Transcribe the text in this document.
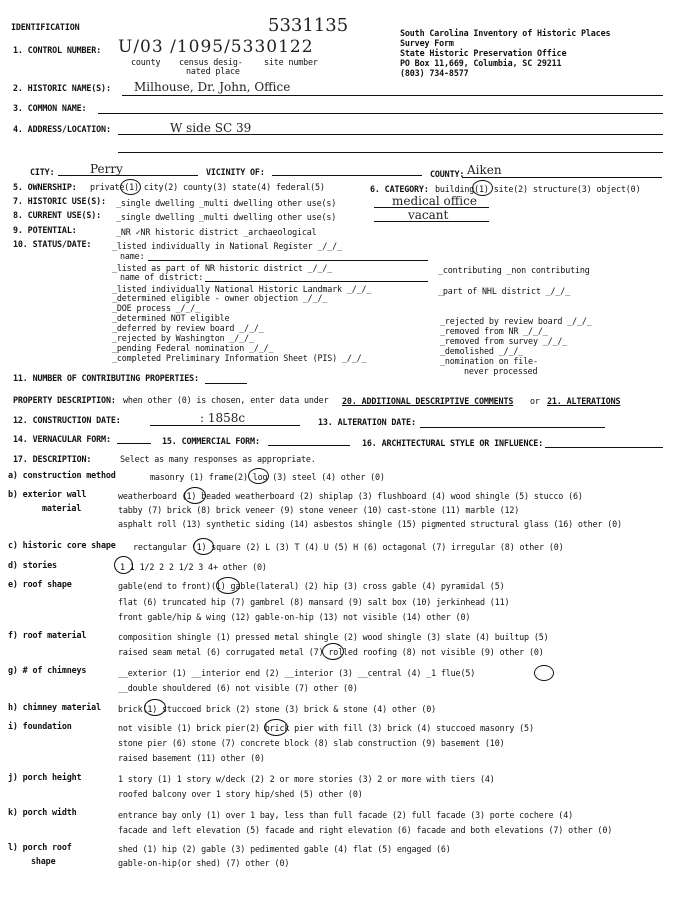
IDENTIFICATION	5331135	South Carolina Inventory of Historic Places
Survey Form
State Historic Preservation Office
PO Box 11,669, Columbia, SC 29211
(803) 734-8577
1. CONTROL NUMBER: U/03 /1095/5330122
county census desig-
nated place
site number
2. HISTORIC NAME(S): Milhouse, Dr. John, Office
3. COMMON NAME:
4. ADDRESS/LOCATION:	W side SC 39
CITY:	Perry	VICINITY OF:	COUNTY: Aiken
5. OWNERSHIP: private(1) city(2) county(3) state(4) federal(5)	6. CATEGORY: building(1) site(2) structure(3) object(0)
7. HISTORIC USE(S): _single dwelling _multi dwelling other use(s)	medical office
8. CURRENT USE(S): _single dwelling _multi dwelling other use(s)	vacant
9. POTENTIAL:	_NR ✓NR historic district _archaeological
10. STATUS/DATE: _listed individually in National Register _/_/_
name:
_listed as part of NR historic district _/_/_
name of district:
_listed individually National Historic Landmark _/_/_
_determined eligible - owner objection _/_/_
_DOE process _/_/_
_determined NOT eligible
_deferred by review board _/_/_
_rejected by Washington _/_/_
_pending Federal nomination _/_/_
_completed Preliminary Information Sheet (PIS) _/_/_
_contributing _non contributing
_part of NHL district _/_/_
_rejected by review board _/_/_
_removed from NR _/_/_
_removed from survey _/_/_
_demolished _/_/_
_nomination on file-
never processed
11. NUMBER OF CONTRIBUTING PROPERTIES:
PROPERTY DESCRIPTION: when other (0) is chosen, enter data under 20. ADDITIONAL DESCRIPTIVE COMMENTS or 21. ALTERATIONS
12. CONSTRUCTION DATE:	: 1858c	13. ALTERATION DATE:
14. VERNACULAR FORM:	15. COMMERCIAL FORM:	16. ARCHITECTURAL STYLE OR INFLUENCE:
17. DESCRIPTION:	Select as many responses as appropriate.
a) construction method	masonry (1) frame(2) log (3) steel (4) other (0)
b) exterior wall
material
weatherboard (1) beaded weatherboard (2) shiplap (3) flushboard (4) wood shingle (5) stucco (6)
tabby (7) brick (8) brick veneer (9) stone veneer (10) cast-stone (11) marble (12)
asphalt roll (13) synthetic siding (14) asbestos shingle (15) pigmented structural glass (16) other (0)
c) historic core shape rectangular (1) square (2) L (3) T (4) U (5) H (6) octagonal (7) irregular (8) other (0)
d) stories	1 1 1/2 2 2 1/2 3 4+ other (0)
e) roof shape	gable(end to front)(1) gable(lateral) (2) hip (3) cross gable (4) pyramidal (5)
flat (6) truncated hip (7) gambrel (8) mansard (9) salt box (10) jerkinhead (11)
front gable/hip & wing (12) gable-on-hip (13) not visible (14) other (0)
f) roof material	composition shingle (1) pressed metal shingle (2) wood shingle (3) slate (4) builtup (5)
raised seam metal (6) corrugated metal (7) rolled roofing (8) not visible (9) other (0)
g) # of chimneys	__exterior (1) __interior end (2) __interior (3) __central (4) _1 flue(5)
__double shouldered (6) not visible (7) other (0)
h) chimney material brick(1) stuccoed brick (2) stone (3) brick & stone (4) other (0)
i) foundation	not visible (1) brick pier(2) brick pier with fill (3) brick (4) stuccoed masonry (5)
stone pier (6) stone (7) concrete block (8) slab construction (9) basement (10)
raised basement (11) other (0)
j) porch height	1 story (1) 1 story w/deck (2) 2 or more stories (3) 2 or more with tiers (4)
roofed balcony over 1 story hip/shed (5) other (0)
k) porch width	entrance bay only (1) over 1 bay, less than full facade (2) full facade (3) porte cochere (4)
facade and left elevation (5) facade and right elevation (6) facade and both elevations (7) other (0)
l) porch roof
shape
shed (1) hip (2) gable (3) pedimented gable (4) flat (5) engaged (6)
gable-on-hip(or shed) (7) other (0)
